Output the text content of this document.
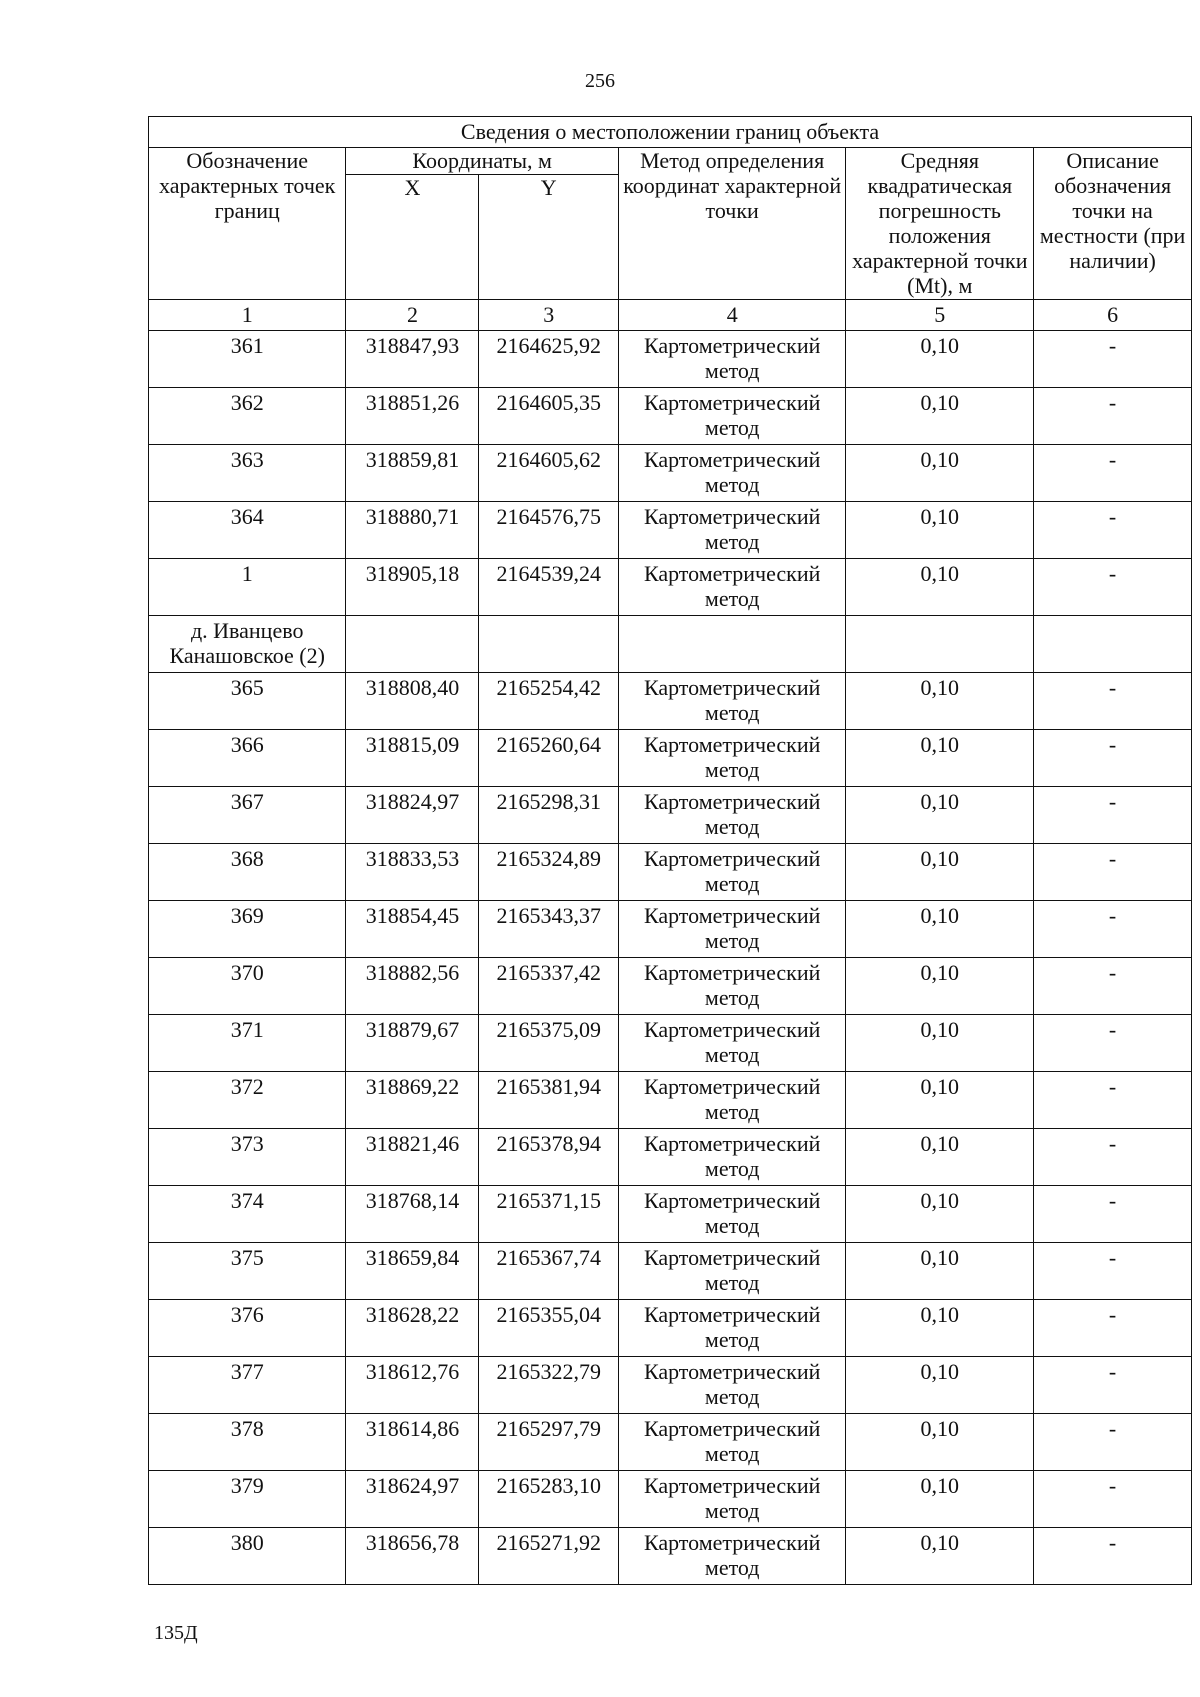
256
Сведения о местоположении границ объекта					
Обозначение характерных точек границ	Координаты, м		Метод определения координат характерной точки	Средняя квадратическая погрешность положения характерной точки (Mt), м	Описание обозначения точки на местности (при наличии)
	X	Y			
1	2	3	4	5	6
361	318847,93	2164625,92	Картометрический метод	0,10	-
362	318851,26	2164605,35	Картометрический метод	0,10	-
363	318859,81	2164605,62	Картометрический метод	0,10	-
364	318880,71	2164576,75	Картометрический метод	0,10	-
1	318905,18	2164539,24	Картометрический метод	0,10	-
д. Иванцево Канашовское (2)					
365	318808,40	2165254,42	Картометрический метод	0,10	-
366	318815,09	2165260,64	Картометрический метод	0,10	-
367	318824,97	2165298,31	Картометрический метод	0,10	-
368	318833,53	2165324,89	Картометрический метод	0,10	-
369	318854,45	2165343,37	Картометрический метод	0,10	-
370	318882,56	2165337,42	Картометрический метод	0,10	-
371	318879,67	2165375,09	Картометрический метод	0,10	-
372	318869,22	2165381,94	Картометрический метод	0,10	-
373	318821,46	2165378,94	Картометрический метод	0,10	-
374	318768,14	2165371,15	Картометрический метод	0,10	-
375	318659,84	2165367,74	Картометрический метод	0,10	-
376	318628,22	2165355,04	Картометрический метод	0,10	-
377	318612,76	2165322,79	Картометрический метод	0,10	-
378	318614,86	2165297,79	Картометрический метод	0,10	-
379	318624,97	2165283,10	Картометрический метод	0,10	-
380	318656,78	2165271,92	Картометрический метод	0,10	-
135Д
